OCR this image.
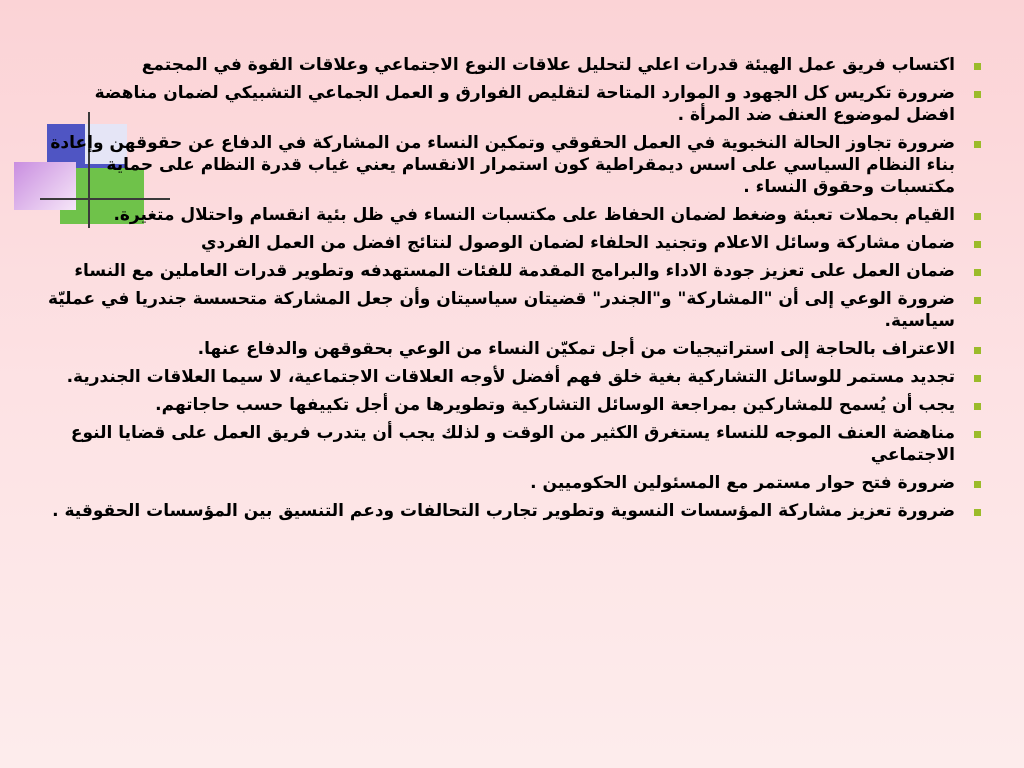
اكتساب فريق عمل الهيئة قدرات اعلي لتحليل علاقات النوع الاجتماعي وعلاقات القوة في المجتمع
ضرورة تكريس كل الجهود و الموارد المتاحة لتقليص الفوارق و العمل الجماعي التشبيكي لضمان مناهضة افضل لموضوع العنف ضد المرأة .
ضرورة تجاوز الحالة النخبوية في العمل الحقوقي وتمكين النساء من المشاركة في الدفاع عن حقوقهن وإعادة بناء النظام السياسي على اسس ديمقراطية كون استمرار الانقسام يعني غياب قدرة النظام على حماية مكتسبات وحقوق النساء .
القيام بحملات تعبئة وضغط لضمان الحفاظ على مكتسبات النساء في ظل بئية انقسام واحتلال متغيرة.
ضمان مشاركة وسائل الاعلام وتجنيد الحلفاء لضمان الوصول لنتائج افضل من العمل الفردي
ضمان العمل على تعزيز جودة الاداء والبرامج المقدمة للفئات المستهدفه وتطوير قدرات العاملين مع النساء
ضرورة الوعي إلى أن "المشاركة" و"الجندر" قضيتان سياسيتان وأن جعل المشاركة متحسسة جندريا في عمليّة سياسية.
الاعتراف بالحاجة إلى استراتيجيات من أجل تمكيّن النساء من الوعي بحقوقهن والدفاع عنها.
تجديد مستمر للوسائل التشاركية بغية خلق فهم أفضل لأوجه العلاقات الاجتماعية، لا سيما العلاقات الجندرية.
يجب أن يُسمح للمشاركين بمراجعة الوسائل التشاركية وتطويرها من أجل تكييفها حسب حاجاتهم.
مناهضة العنف الموجه للنساء يستغرق الكثير من الوقت و لذلك يجب أن يتدرب فريق العمل على قضايا النوع الاجتماعي
ضرورة فتح حوار مستمر مع المسئولين الحكوميين .
ضرورة تعزيز مشاركة المؤسسات النسوية وتطوير تجارب التحالفات ودعم التنسيق بين المؤسسات الحقوقية .
